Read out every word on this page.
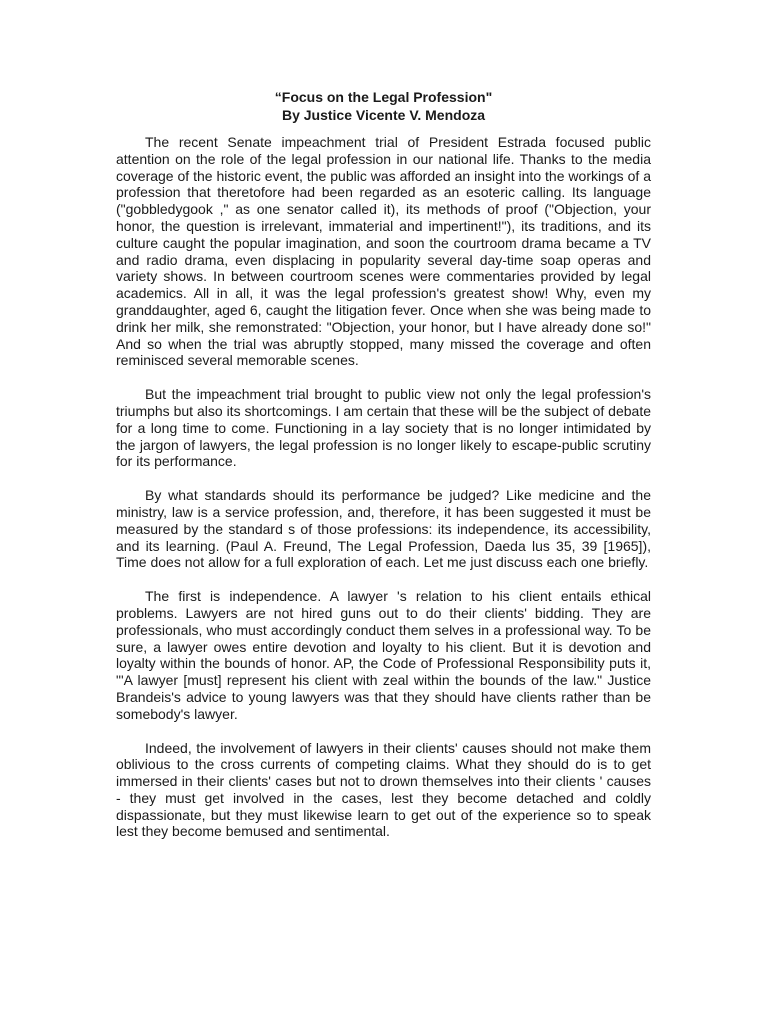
“Focus on the Legal Profession"
By Justice Vicente V. Mendoza

The recent Senate impeachment trial of President Estrada focused public attention on the role of the legal profession in our national life. Thanks to the media coverage of the historic event, the public was afforded an insight into the workings of a profession that theretofore had been regarded as an esoteric calling. Its language ("gobbledygook ," as one senator called it), its methods of proof ("Objection, your honor, the question is irrelevant, immaterial and impertinent!"), its traditions, and its culture caught the popular imagination, and soon the courtroom drama became a TV and radio drama, even displacing in popularity several day-time soap operas and variety shows. In between courtroom scenes were commentaries provided by legal academics. All in all, it was the legal profession's greatest show! Why, even my granddaughter, aged 6, caught the litigation fever. Once when she was being made to drink her milk, she remonstrated: "Objection, your honor, but I have already done so!" And so when the trial was abruptly stopped, many missed the coverage and often reminisced several memorable scenes.

But the impeachment trial brought to public view not only the legal profession's triumphs but also its shortcomings. I am certain that these will be the subject of debate for a long time to come. Functioning in a lay society that is no longer intimidated by the jargon of lawyers, the legal profession is no longer likely to escape-public scrutiny for its performance.

By what standards should its performance be judged? Like medicine and the ministry, law is a service profession, and, therefore, it has been suggested it must be measured by the standard s of those professions: its independence, its accessibility, and its learning. (Paul A. Freund, The Legal Profession, Daeda lus 35, 39 [1965]), Time does not allow for a full exploration of each. Let me just discuss each one briefly.

The first is independence. A lawyer 's relation to his client entails ethical problems. Lawyers are not hired guns out to do their clients' bidding. They are professionals, who must accordingly conduct them selves in a professional way. To be sure, a lawyer owes entire devotion and loyalty to his client. But it is devotion and loyalty within the bounds of honor. AP, the Code of Professional Responsibility puts it, "'A lawyer [must] represent his client with zeal within the bounds of the law." Justice Brandeis's advice to young lawyers was that they should have clients rather than be somebody's lawyer.

Indeed, the involvement of lawyers in their clients' causes should not make them oblivious to the cross currents of competing claims. What they should do is to get immersed in their clients' cases but not to drown themselves into their clients ' causes - they must get involved in the cases, lest they become detached and coldly dispassionate, but they must likewise learn to get out of the experience so to speak lest they become bemused and sentimental.
